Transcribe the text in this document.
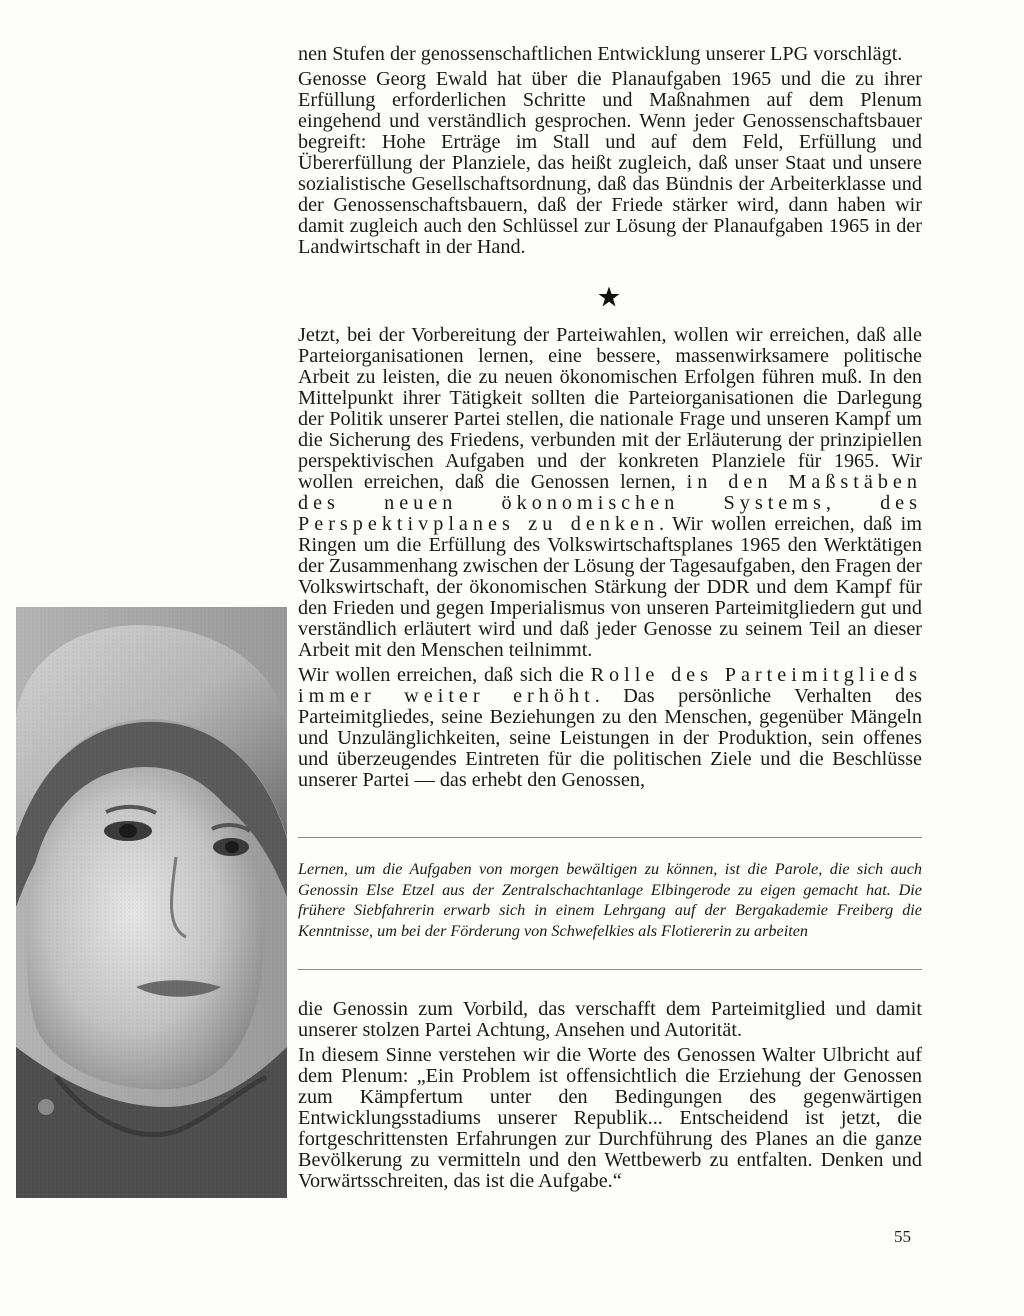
nen Stufen der genossenschaftlichen Entwicklung unserer LPG vorschlägt.

Genosse Georg Ewald hat über die Planaufgaben 1965 und die zu ihrer Erfüllung erforderlichen Schritte und Maßnahmen auf dem Plenum eingehend und verständlich gesprochen. Wenn jeder Genossenschaftsbauer begreift: Hohe Erträge im Stall und auf dem Feld, Erfüllung und Übererfüllung der Planziele, das heißt zugleich, daß unser Staat und unsere sozialistische Gesellschaftsordnung, daß das Bündnis der Arbeiterklasse und der Genossenschaftsbauern, daß der Friede stärker wird, dann haben wir damit zugleich auch den Schlüssel zur Lösung der Planaufgaben 1965 in der Landwirtschaft in der Hand.

Jetzt, bei der Vorbereitung der Parteiwahlen, wollen wir erreichen, daß alle Parteiorganisationen lernen, eine bessere, massenwirksamere politische Arbeit zu leisten, die zu neuen ökonomischen Erfolgen führen muß. In den Mittelpunkt ihrer Tätigkeit sollten die Parteiorganisationen die Darlegung der Politik unserer Partei stellen, die nationale Frage und unseren Kampf um die Sicherung des Friedens, verbunden mit der Erläuterung der prinzipiellen perspektivischen Aufgaben und der konkreten Planziele für 1965. Wir wollen erreichen, daß die Genossen lernen, in den Maßstäben des neuen ökonomischen Systems, des Perspektivplanes zu denken. Wir wollen erreichen, daß im Ringen um die Erfüllung des Volkswirtschaftsplanes 1965 den Werktätigen der Zusammenhang zwischen der Lösung der Tagesaufgaben, den Fragen der Volkswirtschaft, der ökonomischen Stärkung der DDR und dem Kampf für den Frieden und gegen Imperialismus von unseren Parteimitgliedern gut und verständlich erläutert wird und daß jeder Genosse zu seinem Teil an dieser Arbeit mit den Menschen teilnimmt.

Wir wollen erreichen, daß sich die Rolle des Parteimitglieds immer weiter erhöht. Das persönliche Verhalten des Parteimitgliedes, seine Beziehungen zu den Menschen, gegenüber Mängeln und Unzulänglichkeiten, seine Leistungen in der Produktion, sein offenes und überzeugendes Eintreten für die politischen Ziele und die Beschlüsse unserer Partei — das erhebt den Genossen,

Lernen, um die Aufgaben von morgen bewältigen zu können, ist die Parole, die sich auch Genossin Else Etzel aus der Zentralschachtanlage Elbingerode zu eigen gemacht hat. Die frühere Siebfahrerin erwarb sich in einem Lehrgang auf der Bergakademie Freiberg die Kenntnisse, um bei der Förderung von Schwefelkies als Flotiererin zu arbeiten

die Genossin zum Vorbild, das verschafft dem Parteimitglied und damit unserer stolzen Partei Achtung, Ansehen und Autorität.

In diesem Sinne verstehen wir die Worte des Genossen Walter Ulbricht auf dem Plenum: „Ein Problem ist offensichtlich die Erziehung der Genossen zum Kämpfertum unter den Bedingungen des gegenwärtigen Entwicklungsstadiums unserer Republik... Entscheidend ist jetzt, die fortgeschrittensten Erfahrungen zur Durchführung des Planes an die ganze Bevölkerung zu vermitteln und den Wettbewerb zu entfalten. Denken und Vorwärtsschreiten, das ist die Aufgabe.“

55
